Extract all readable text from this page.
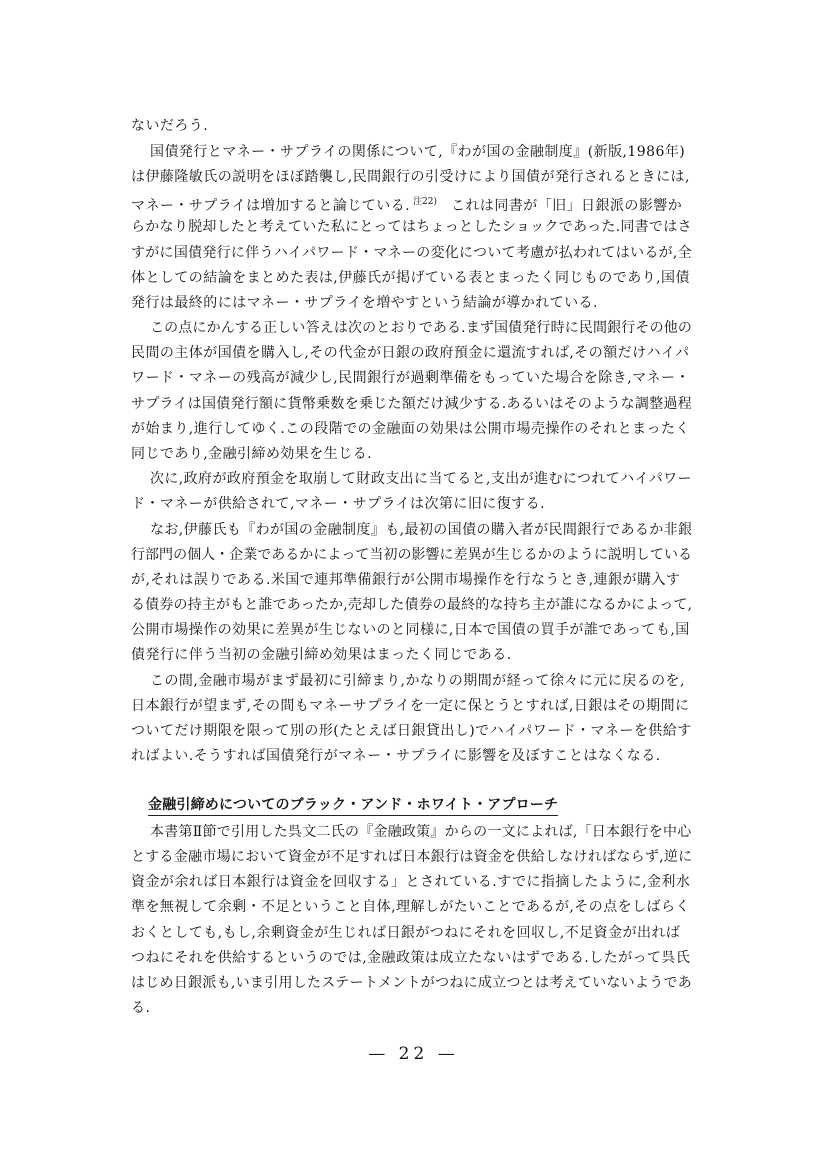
ないだろう.

国債発行とマネー・サプライの関係について,『わが国の金融制度』(新版,1986年)

は伊藤隆敏氏の説明をほぼ踏襲し,民間銀行の引受けにより国債が発行されるときには,

マネー・サプライは増加すると論じている. $^{注22)}$ これは同書が「旧」日銀派の影響か

らかなり脱却したと考えていた私にとってはちょっとしたショックであった.同書ではさ

すがに国債発行に伴うハイパワード・マネーの変化について考慮が払われてはいるが,全

体としての結論をまとめた表は,伊藤氏が掲げている表とまったく同じものであり,国債

発行は最終的にはマネー・サプライを増やすという結論が導かれている.

この点にかんする正しい答えは次のとおりである.まず国債発行時に民間銀行その他の

民間の主体が国債を購入し,その代金が日銀の政府預金に還流すれば,その額だけハイパ

ワード・マネーの残高が減少し,民間銀行が過剰準備をもっていた場合を除き,マネー・

サプライは国債発行額に貨幣乗数を乗じた額だけ減少する.あるいはそのような調整過程

が始まり,進行してゆく.この段階での金融面の効果は公開市場売操作のそれとまったく

同じであり,金融引締め効果を生じる.

次に,政府が政府預金を取崩して財政支出に当てると,支出が進むにつれてハイパワー

ド・マネーが供給されて,マネー・サプライは次第に旧に復する.

なお,伊藤氏も『わが国の金融制度』も,最初の国債の購入者が民間銀行であるか非銀

行部門の個人・企業であるかによって当初の影響に差異が生じるかのように説明している

が,それは誤りである.米国で連邦準備銀行が公開市場操作を行なうとき,連銀が購入す

る債券の持主がもと誰であったか,売却した債券の最終的な持ち主が誰になるかによって,

公開市場操作の効果に差異が生じないのと同様に,日本で国債の買手が誰であっても,国

債発行に伴う当初の金融引締め効果はまったく同じである.

この間,金融市場がまず最初に引締まり,かなりの期間が経って徐々に元に戻るのを,

日本銀行が望まず,その間もマネーサプライを一定に保とうとすれば,日銀はその期間に

ついてだけ期限を限って別の形(たとえば日銀貸出し)でハイパワード・マネーを供給す

ればよい.そうすれば国債発行がマネー・サプライに影響を及ぼすことはなくなる.

金融引締めについてのブラック・アンド・ホワイト・アプローチ

本書第Ⅱ節で引用した呉文二氏の『金融政策』からの一文によれば,「日本銀行を中心

とする金融市場において資金が不足すれば日本銀行は資金を供給しなければならず,逆に

資金が余れば日本銀行は資金を回収する」とされている.すでに指摘したように,金利水

準を無視して余剰・不足ということ自体,理解しがたいことであるが,その点をしばらく

おくとしても,もし,余剰資金が生じれば日銀がつねにそれを回収し,不足資金が出れば

つねにそれを供給するというのでは,金融政策は成立たないはずである.したがって呉氏

はじめ日銀派も,いま引用したステートメントがつねに成立つとは考えていないようであ

る.

— 22 —
